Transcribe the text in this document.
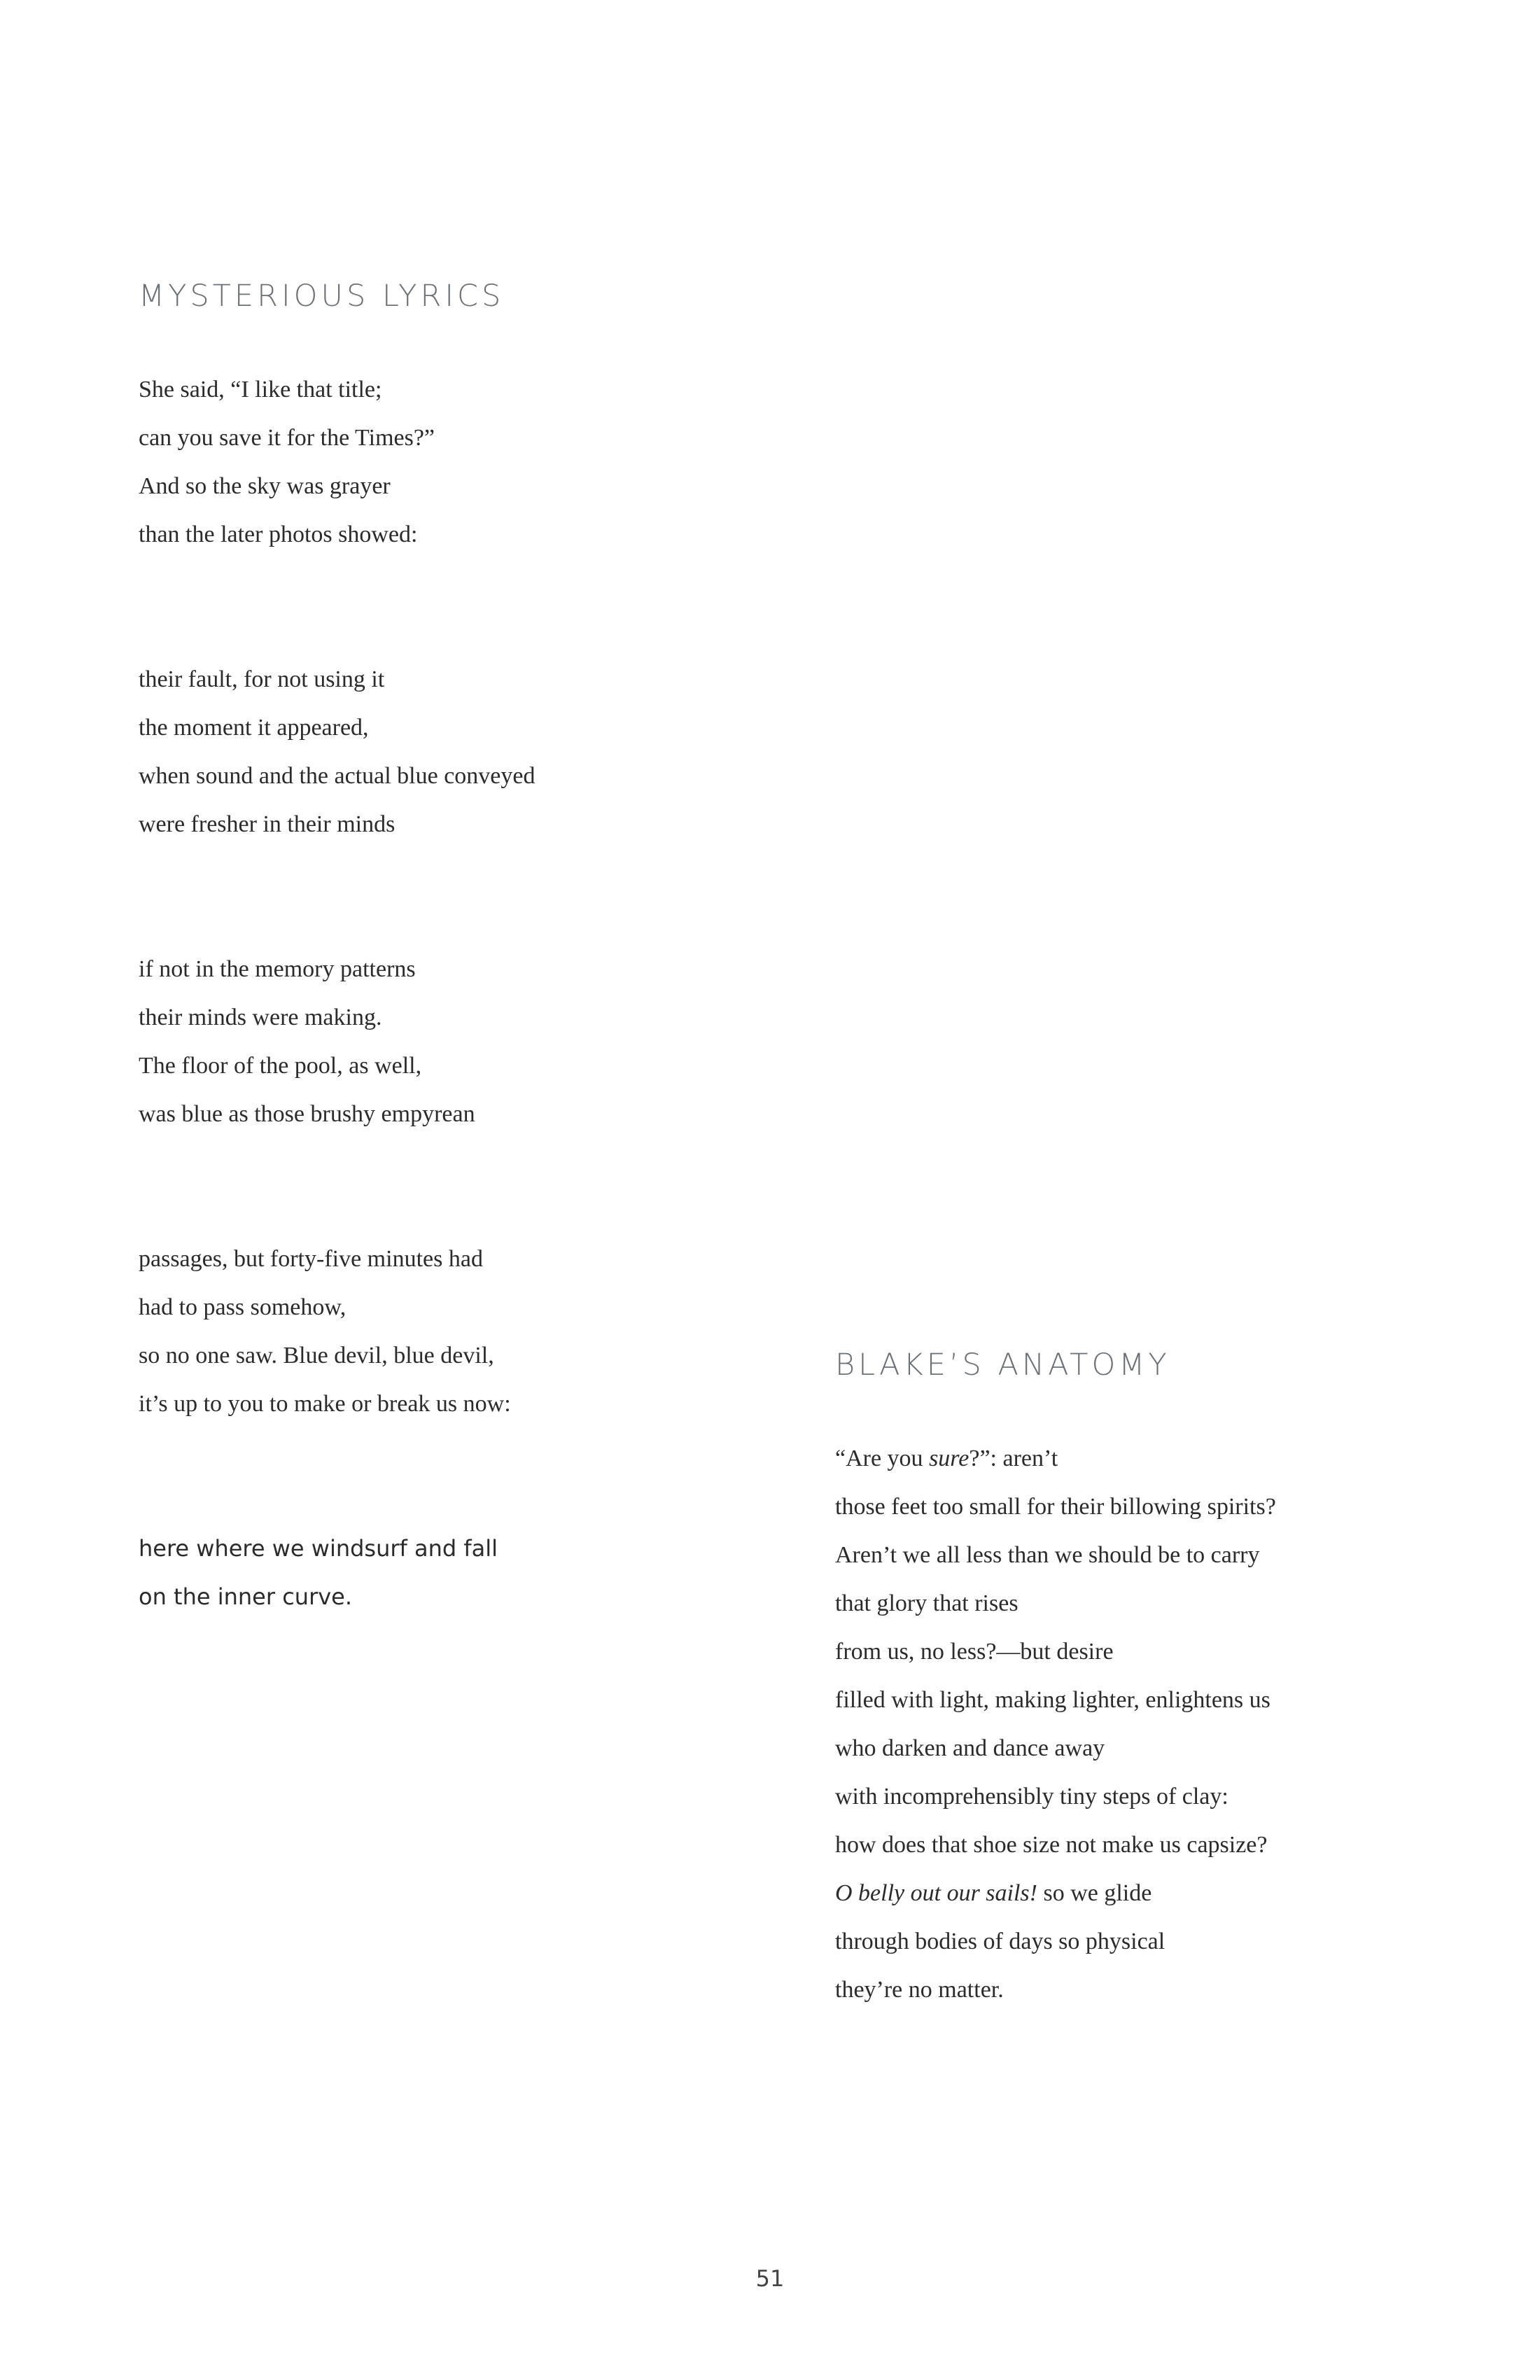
MYSTERIOUS LYRICS
She said, “I like that title;
can you save it for the Times?”
And so the sky was grayer
than the later photos showed:
their fault, for not using it
the moment it appeared,
when sound and the actual blue conveyed
were fresher in their minds
if not in the memory patterns
their minds were making.
The floor of the pool, as well,
was blue as those brushy empyrean
passages, but forty-five minutes had
had to pass somehow,
so no one saw. Blue devil, blue devil,
it’s up to you to make or break us now:
here where we windsurf and fall
on the inner curve.
BLAKE’S ANATOMY
“Are you sure?”: aren’t
those feet too small for their billowing spirits?
Aren’t we all less than we should be to carry
that glory that rises
from us, no less?—but desire
filled with light, making lighter, enlightens us
who darken and dance away
with incomprehensibly tiny steps of clay:
how does that shoe size not make us capsize?
O belly out our sails! so we glide
through bodies of days so physical
they’re no matter.
51
